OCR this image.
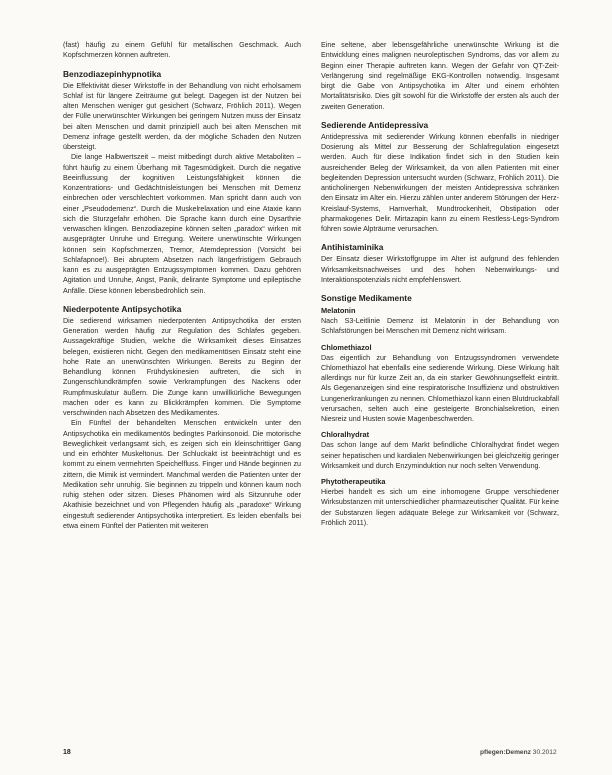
(fast) häufig zu einem Gefühl für metallischen Geschmack. Auch Kopfschmerzen können auftreten.

Benzodiazepinhypnotika

Die Effektivität dieser Wirkstoffe in der Behandlung von nicht erholsamem Schlaf ist für längere Zeiträume gut belegt. Dagegen ist der Nutzen bei alten Menschen weniger gut gesichert (Schwarz, Fröhlich 2011). Wegen der Fülle unerwünschter Wirkungen bei geringem Nutzen muss der Einsatz bei alten Menschen und damit prinzipiell auch bei alten Menschen mit Demenz infrage gestellt werden, da der mögliche Schaden den Nutzen übersteigt.

Die lange Halbwertszeit – meist mitbedingt durch aktive Metaboliten – führt häufig zu einem Überhang mit Tagesmüdigkeit. Durch die negative Beeinflussung der kognitiven Leistungsfähigkeit können die Konzentrations- und Gedächtnisleistungen bei Menschen mit Demenz einbrechen oder verschlechtert vorkommen. Man spricht dann auch von einer „Pseudodemenz“. Durch die Muskelrelaxation und eine Ataxie kann sich die Sturzgefahr erhöhen. Die Sprache kann durch eine Dysarthrie verwaschen klingen. Benzodiazepine können selten „paradox“ wirken mit ausgeprägter Unruhe und Erregung. Weitere unerwünschte Wirkungen können sein Kopfschmerzen, Tremor, Atemdepression (Vorsicht bei Schlafapnoe!). Bei abruptem Absetzen nach längerfristigem Gebrauch kann es zu ausgeprägten Entzugssymptomen kommen. Dazu gehören Agitation und Unruhe, Angst, Panik, delirante Symptome und epileptische Anfälle. Diese können lebensbedrohlich sein.

Niederpotente Antipsychotika

Die sedierend wirksamen niederpotenten Antipsychotika der ersten Generation werden häufig zur Regulation des Schlafes gegeben. Aussagekräftige Studien, welche die Wirksamkeit dieses Einsatzes belegen, existieren nicht. Gegen den medikamentösen Einsatz steht eine hohe Rate an unerwünschten Wirkungen. Bereits zu Beginn der Behandlung können Frühdyskinesien auftreten, die sich in Zungenschlundkrämpfen sowie Verkrampfungen des Nackens oder Rumpfmuskulatur äußern. Die Zunge kann unwillkürliche Bewegungen machen oder es kann zu Blickkrämpfen kommen. Die Symptome verschwinden nach Absetzen des Medikamentes.

Ein Fünftel der behandelten Menschen entwickeln unter den Antipsychotika ein medikamentös bedingtes Parkinsonoid. Die motorische Beweglichkeit verlangsamt sich, es zeigen sich ein kleinschrittiger Gang und ein erhöhter Muskeltonus. Der Schluckakt ist beeinträchtigt und es kommt zu einem vermehrten Speichelfluss. Finger und Hände beginnen zu zittern, die Mimik ist vermindert. Manchmal werden die Patienten unter der Medikation sehr unruhig. Sie beginnen zu trippeln und können kaum noch ruhig stehen oder sitzen. Dieses Phänomen wird als Sitzunruhe oder Akathisie bezeichnet und von Pflegenden häufig als „paradoxe“ Wirkung eingestuft sedierender Antipsychotika interpretiert. Es leiden ebenfalls bei etwa einem Fünftel der Patienten mit weiteren

Eine seltene, aber lebensgefährliche unerwünschte Wirkung ist die Entwicklung eines malignen neuroleptischen Syndroms, das vor allem zu Beginn einer Therapie auftreten kann. Wegen der Gefahr von QT-Zeit-Verlängerung sind regelmäßige EKG-Kontrollen notwendig. Insgesamt birgt die Gabe von Antipsychotika im Alter und einem erhöhten Mortalitätsrisiko. Dies gilt sowohl für die Wirkstoffe der ersten als auch der zweiten Generation.

Sedierende Antidepressiva

Antidepressiva mit sedierender Wirkung können ebenfalls in niedriger Dosierung als Mittel zur Besserung der Schlafregulation eingesetzt werden. Auch für diese Indikation findet sich in den Studien kein ausreichender Beleg der Wirksamkeit, da von allen Patienten mit einer begleitenden Depression untersucht wurden (Schwarz, Fröhlich 2011). Die anticholinergen Nebenwirkungen der meisten Antidepressiva schränken den Einsatz im Alter ein. Hierzu zählen unter anderem Störungen der Herz-Kreislauf-Systems, Harnverhalt, Mundtrockenheit, Obstipation oder pharmakogenes Delir. Mirtazapin kann zu einem Restless-Legs-Syndrom führen sowie Alpträume verursachen.

Antihistaminika

Der Einsatz dieser Wirkstoffgruppe im Alter ist aufgrund des fehlenden Wirksamkeitsnachweises und des hohen Nebenwirkungs- und Interaktionspotenzials nicht empfehlenswert.

Sonstige Medikamente
Melatonin

Nach S3-Leitlinie Demenz ist Melatonin in der Behandlung von Schlafstörungen bei Menschen mit Demenz nicht wirksam.

Chlomethiazol

Das eigentlich zur Behandlung von Entzugssyndromen verwendete Chlomethiazol hat ebenfalls eine sedierende Wirkung. Diese Wirkung hält allerdings nur für kurze Zeit an, da ein starker Gewöhnungseffekt eintritt. Als Gegenanzeigen sind eine respiratorische Insuffizienz und obstruktiven Lungenerkrankungen zu nennen. Chlomethiazol kann einen Blutdruckabfall verursachen, selten auch eine gesteigerte Bronchialsekretion, einen Niesreiz und Husten sowie Magenbeschwerden.

Chloralhydrat

Das schon lange auf dem Markt befindliche Chloralhydrat findet wegen seiner hepatischen und kardialen Nebenwirkungen bei gleichzeitig geringer Wirksamkeit und durch Enzyminduktion nur noch selten Verwendung.

Phytotherapeutika

Hierbei handelt es sich um eine inhomogene Gruppe verschiedener Wirksubstanzen mit unterschiedlicher pharmazeutischer Qualität. Für keine der Substanzen liegen adäquate Belege zur Wirksamkeit vor (Schwarz, Fröhlich 2011).

18	pflegen:Demenz 30.2012
